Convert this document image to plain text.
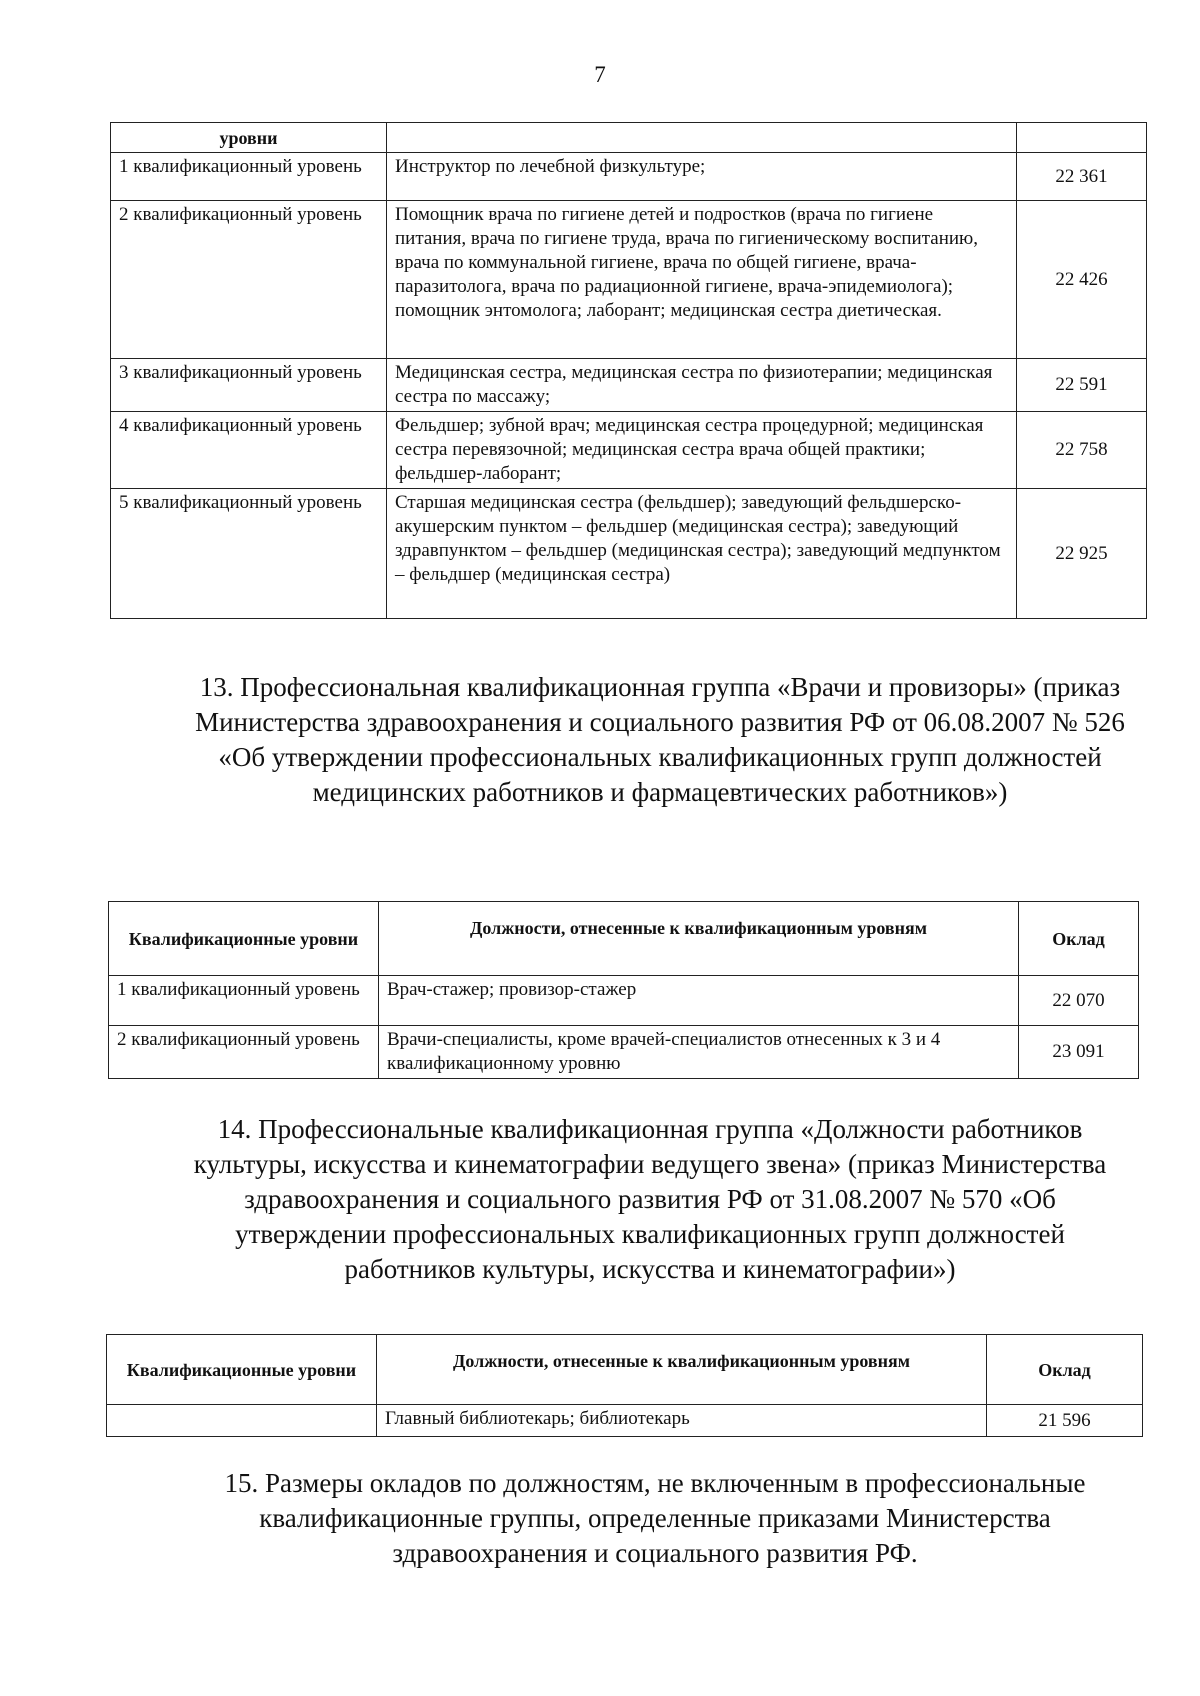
7
уровни		
1 квалификационный уровень	Инструктор по лечебной физкультуре;	22 361
2 квалификационный уровень	Помощник врача по гигиене детей и подростков (врача по гигиене питания, врача по гигиене труда, врача по гигиеническому воспитанию, врача по коммунальной гигиене, врача по общей гигиене, врача-паразитолога, врача по радиационной гигиене, врача-эпидемиолога); помощник энтомолога; лаборант; медицинская сестра диетическая.	22 426
3 квалификационный уровень	Медицинская сестра, медицинская сестра по физиотерапии; медицинская сестра по массажу;	22 591
4 квалификационный уровень	Фельдшер; зубной врач; медицинская сестра процедурной; медицинская сестра перевязочной; медицинская сестра врача общей практики; фельдшер-лаборант;	22 758
5 квалификационный уровень	Старшая медицинская сестра (фельдшер); заведующий фельдшерско-акушерским пунктом – фельдшер (медицинская сестра); заведующий здравпунктом – фельдшер (медицинская сестра); заведующий медпунктом – фельдшер (медицинская сестра)	22 925
13. Профессиональная квалификационная группа «Врачи и провизоры» (приказ Министерства здравоохранения и социального развития РФ от 06.08.2007 № 526 «Об утверждении профессиональных квалификационных групп должностей медицинских работников и фармацевтических работников»)
Квалификационные уровни	Должности, отнесенные к квалификационным уровням	Оклад
1 квалификационный уровень	Врач-стажер; провизор-стажер	22 070
2 квалификационный уровень	Врачи-специалисты, кроме врачей-специалистов отнесенных к 3 и 4 квалификационному уровню	23 091
14. Профессиональные квалификационная группа «Должности работников культуры, искусства и кинематографии ведущего звена» (приказ Министерства здравоохранения и социального развития РФ от 31.08.2007 № 570 «Об утверждении профессиональных квалификационных групп должностей работников культуры, искусства и кинематографии»)
Квалификационные уровни	Должности, отнесенные к квалификационным уровням	Оклад
	Главный библиотекарь; библиотекарь	21 596
15. Размеры окладов по должностям, не включенным в профессиональные квалификационные группы, определенные приказами Министерства здравоохранения и социального развития РФ.
